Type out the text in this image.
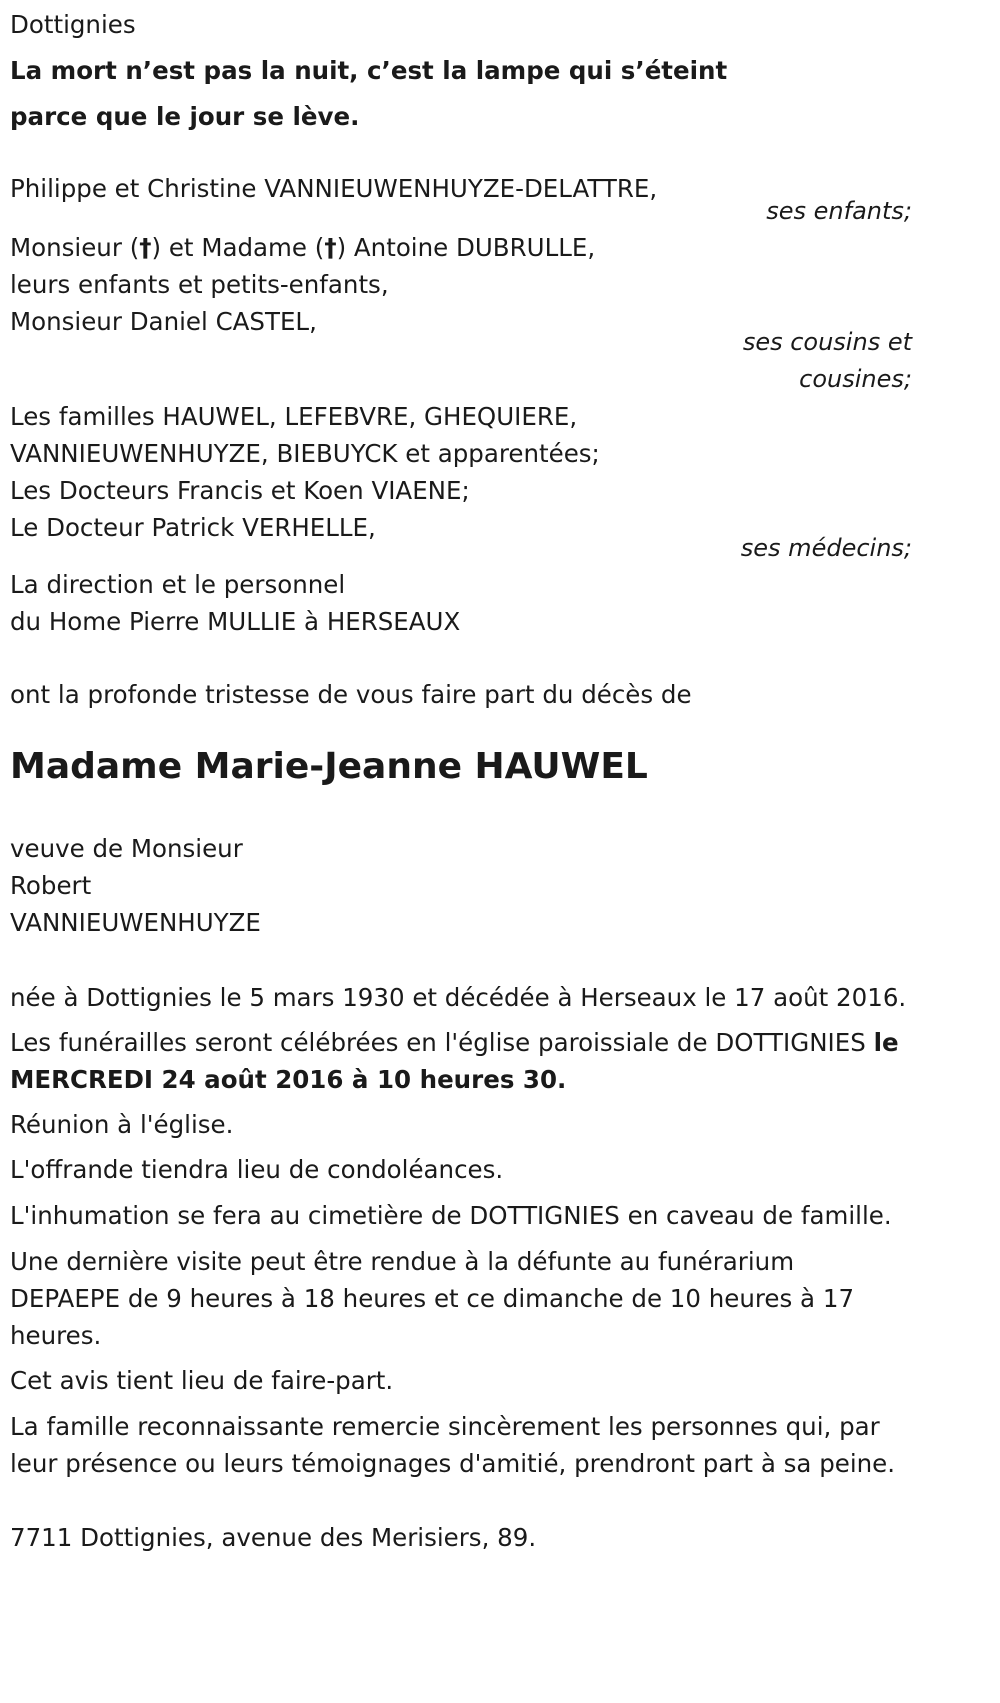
Dottignies
La mort n’est pas la nuit, c’est la lampe qui s’éteint
parce que le jour se lève.
Philippe et Christine VANNIEUWENHUYZE-DELATTRE,
ses enfants;
Monsieur (†) et Madame (†) Antoine DUBRULLE,
leurs enfants et petits-enfants,
Monsieur Daniel CASTEL,
ses cousins et
cousines;
Les familles HAUWEL, LEFEBVRE, GHEQUIERE,
VANNIEUWENHUYZE, BIEBUYCK et apparentées;
Les Docteurs Francis et Koen VIAENE;
Le Docteur Patrick VERHELLE,
ses médecins;
La direction et le personnel
du Home Pierre MULLIE à HERSEAUX
ont la profonde tristesse de vous faire part du décès de
Madame Marie-Jeanne HAUWEL
veuve de Monsieur
Robert
VANNIEUWENHUYZE
née à Dottignies le 5 mars 1930 et décédée à Herseaux le 17 août 2016.
Les funérailles seront célébrées en l'église paroissiale de DOTTIGNIES le
MERCREDI 24 août 2016 à 10 heures 30.
Réunion à l'église.
L'offrande tiendra lieu de condoléances.
L'inhumation se fera au cimetière de DOTTIGNIES en caveau de famille.
Une dernière visite peut être rendue à la défunte au funérarium
DEPAEPE de 9 heures à 18 heures et ce dimanche de 10 heures à 17
heures.
Cet avis tient lieu de faire-part.
La famille reconnaissante remercie sincèrement les personnes qui, par
leur présence ou leurs témoignages d'amitié, prendront part à sa peine.
7711 Dottignies, avenue des Merisiers, 89.
